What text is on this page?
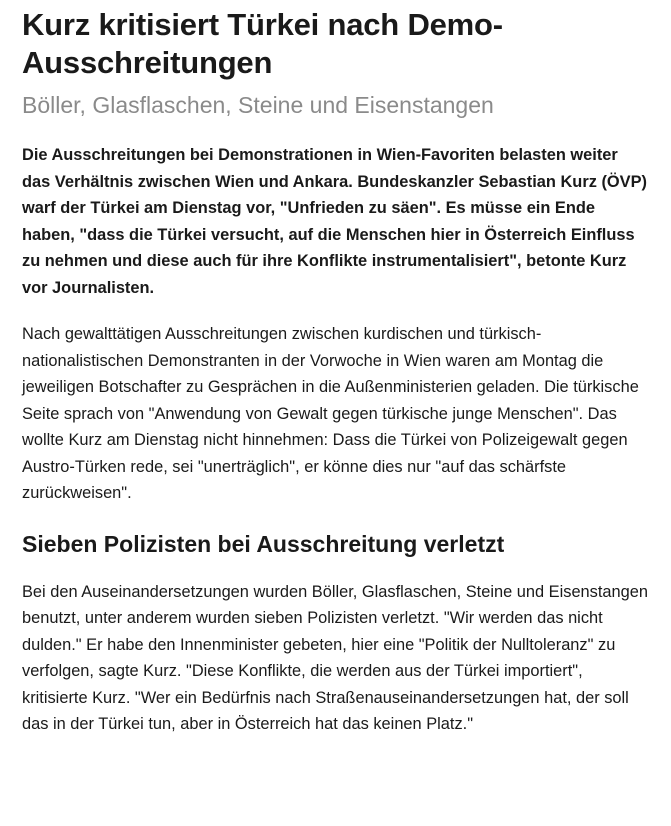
Kurz kritisiert Türkei nach Demo-Ausschreitungen
Böller, Glasflaschen, Steine und Eisenstangen

Die Ausschreitungen bei Demonstrationen in Wien-Favoriten belasten weiter das Verhältnis zwischen Wien und Ankara. Bundeskanzler Sebastian Kurz (ÖVP) warf der Türkei am Dienstag vor, "Unfrieden zu säen". Es müsse ein Ende haben, "dass die Türkei versucht, auf die Menschen hier in Österreich Einfluss zu nehmen und diese auch für ihre Konflikte instrumentalisiert", betonte Kurz vor Journalisten.

Nach gewalttätigen Ausschreitungen zwischen kurdischen und türkisch-nationalistischen Demonstranten in der Vorwoche in Wien waren am Montag die jeweiligen Botschafter zu Gesprächen in die Außenministerien geladen. Die türkische Seite sprach von "Anwendung von Gewalt gegen türkische junge Menschen". Das wollte Kurz am Dienstag nicht hinnehmen: Dass die Türkei von Polizeigewalt gegen Austro-Türken rede, sei "unerträglich", er könne dies nur "auf das schärfste zurückweisen".

Sieben Polizisten bei Ausschreitung verletzt

Bei den Auseinandersetzungen wurden Böller, Glasflaschen, Steine und Eisenstangen benutzt, unter anderem wurden sieben Polizisten verletzt. "Wir werden das nicht dulden." Er habe den Innenminister gebeten, hier eine "Politik der Nulltoleranz" zu verfolgen, sagte Kurz. "Diese Konflikte, die werden aus der Türkei importiert", kritisierte Kurz. "Wer ein Bedürfnis nach Straßenauseinandersetzungen hat, der soll das in der Türkei tun, aber in Österreich hat das keinen Platz."
